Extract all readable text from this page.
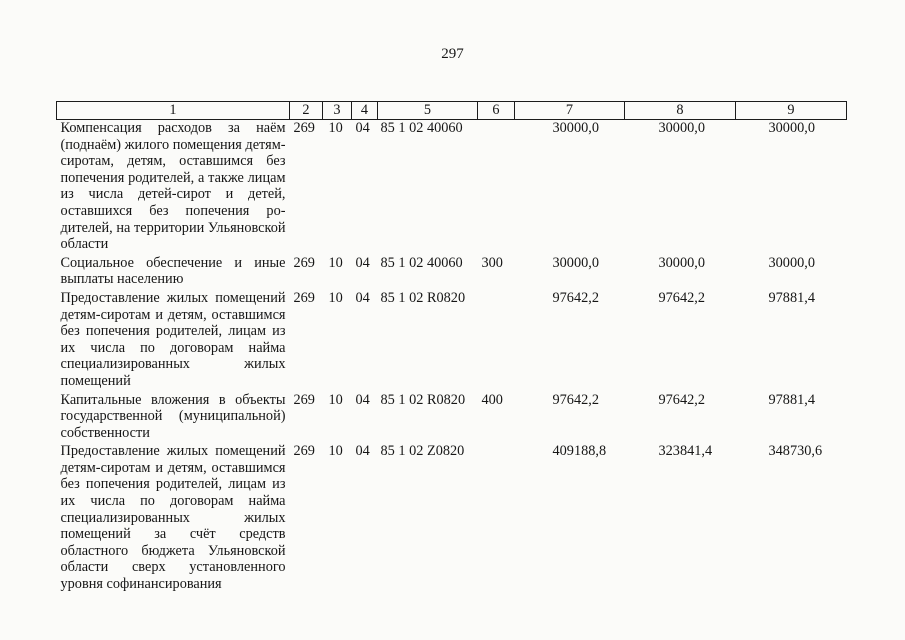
297
1	2	3	4	5	6	7	8	9
Компенсация расходов за наём (поднаём) жилого помещения детям-сиротам, детям, оставшимся без попечения родителей, а также лицам из числа детей-сирот и детей, оставшихся без попечения родителей, на территории Ульяновской области	269	10	04	85 1 02 40060		30000,0	30000,0	30000,0
Социальное обеспечение и иные выплаты населению	269	10	04	85 1 02 40060	300	30000,0	30000,0	30000,0
Предоставление жилых помещений детям-сиротам и детям, оставшимся без попечения родителей, лицам из их числа по договорам найма специализированных жилых помещений	269	10	04	85 1 02 R0820		97642,2	97642,2	97881,4
Капитальные вложения в объекты государственной (муниципальной) собственности	269	10	04	85 1 02 R0820	400	97642,2	97642,2	97881,4
Предоставление жилых помещений детям-сиротам и детям, оставшимся без попечения родителей, лицам из их числа по договорам найма специализированных жилых помещений за счёт средств областного бюджета Ульяновской области сверх установленного уровня софинансирования	269	10	04	85 1 02 Z0820		409188,8	323841,4	348730,6
